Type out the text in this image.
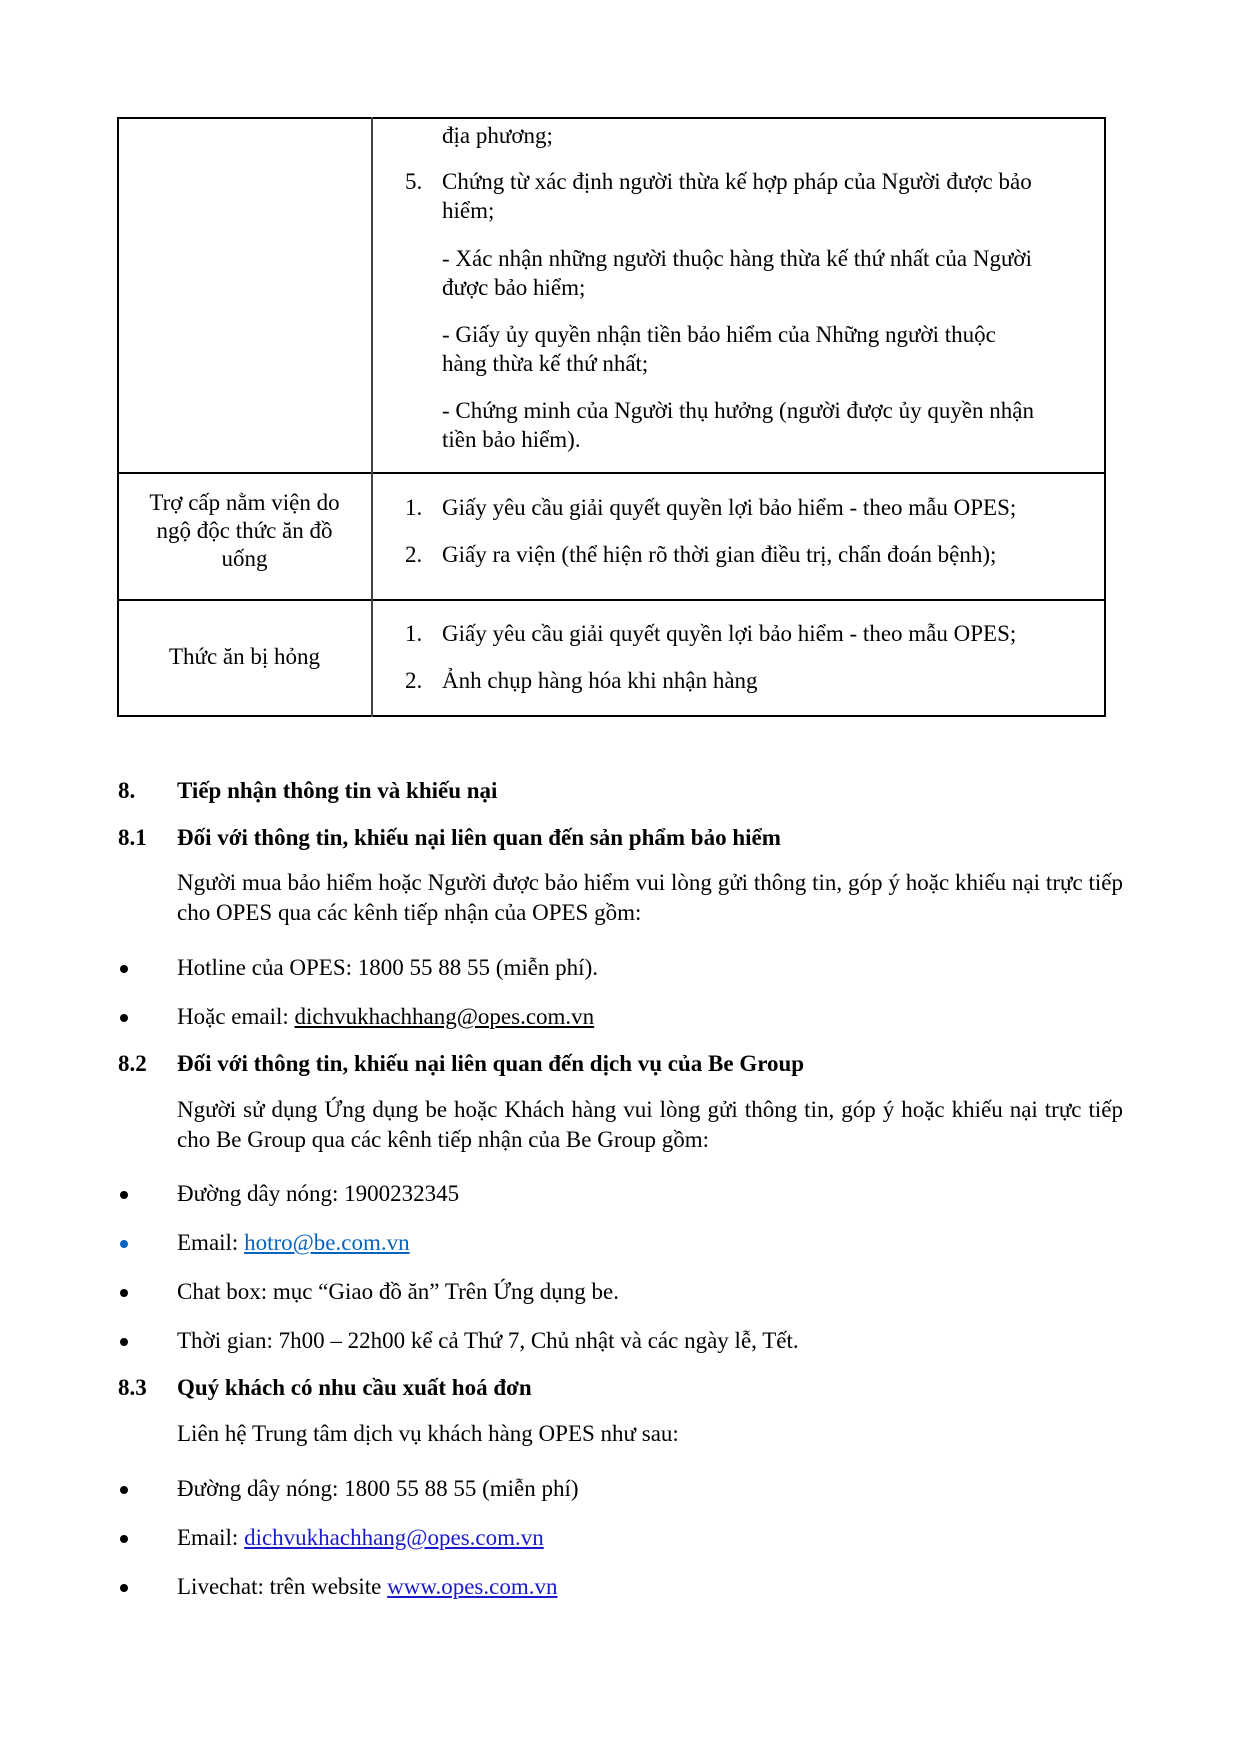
địa phương;
5. Chứng từ xác định người thừa kế hợp pháp của Người được bảo
hiểm;
- Xác nhận những người thuộc hàng thừa kế thứ nhất của Người
được bảo hiểm;
- Giấy ủy quyền nhận tiền bảo hiểm của Những người thuộc
hàng thừa kế thứ nhất;
- Chứng minh của Người thụ hưởng (người được ủy quyền nhận
tiền bảo hiểm).
Trợ cấp nằm viện do
ngộ độc thức ăn đồ
uống
1. Giấy yêu cầu giải quyết quyền lợi bảo hiểm - theo mẫu OPES;
2. Giấy ra viện (thể hiện rõ thời gian điều trị, chẩn đoán bệnh);
Thức ăn bị hỏng
1. Giấy yêu cầu giải quyết quyền lợi bảo hiểm - theo mẫu OPES;
2. Ảnh chụp hàng hóa khi nhận hàng
8. Tiếp nhận thông tin và khiếu nại
8.1 Đối với thông tin, khiếu nại liên quan đến sản phẩm bảo hiểm
Người mua bảo hiểm hoặc Người được bảo hiểm vui lòng gửi thông tin, góp ý hoặc khiếu nại trực tiếp cho OPES qua các kênh tiếp nhận của OPES gồm:
Hotline của OPES: 1800 55 88 55 (miễn phí).
Hoặc email: dichvukhachhang@opes.com.vn
8.2 Đối với thông tin, khiếu nại liên quan đến dịch vụ của Be Group
Người sử dụng Ứng dụng be hoặc Khách hàng vui lòng gửi thông tin, góp ý hoặc khiếu nại trực tiếp cho Be Group qua các kênh tiếp nhận của Be Group gồm:
Đường dây nóng: 1900232345
Email: hotro@be.com.vn
Chat box: mục “Giao đồ ăn” Trên Ứng dụng be.
Thời gian: 7h00 – 22h00 kể cả Thứ 7, Chủ nhật và các ngày lễ, Tết.
8.3 Quý khách có nhu cầu xuất hoá đơn
Liên hệ Trung tâm dịch vụ khách hàng OPES như sau:
Đường dây nóng: 1800 55 88 55 (miễn phí)
Email: dichvukhachhang@opes.com.vn
Livechat: trên website www.opes.com.vn
